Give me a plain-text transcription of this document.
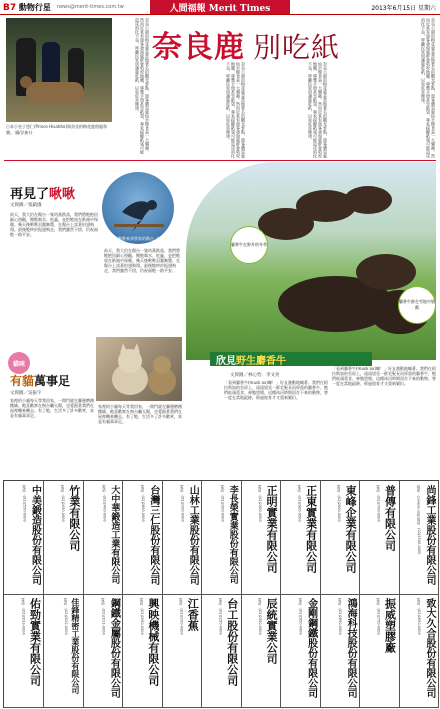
B7 動物行星 news@merit-times.com.tw	人間福報 Merit Times	2013年6月15日 星期六
日本小皇子悠仁(Prince Hisahito)與奈良的梅花鹿相處和樂。 圖/法新社
奈良鹿 別吃紙
奈良公園的梅花鹿是當地著名的觀光景點，遊客購買鹿仙貝餵食是一大樂趣。然而近來有遊客發現鹿群會啃咬地圖、導覽手冊甚至紙袋，專家提醒紙張可能造成消化不良，呼籲民眾別讓鹿吃紙，以免危害健康。	奈良公園的梅花鹿是當地著名的觀光景點，遊客購買鹿仙貝餵食是一大樂趣。然而近來有遊客發現鹿群會啃咬地圖、導覽手冊甚至紙袋，專家提醒紙張可能造成消化不良，呼籲民眾別讓鹿吃紙，以免危害健康。	奈良公園的梅花鹿是當地著名的觀光景點，遊客購買鹿仙貝餵食是一大樂趣。然而近來有遊客發現鹿群會啃咬地圖、導覽手冊甚至紙袋，專家提醒紙張可能造成消化不良，呼籲民眾別讓鹿吃紙，以免危害健康。	奈良公園的梅花鹿是當地著名的觀光景點，遊客購買鹿仙貝餵食是一大樂趣。然而近來有遊客發現鹿群會啃咬地圖、導覽手冊甚至紙袋，專家提醒紙張可能造成消化不良，呼籲民眾別讓鹿吃紙，以免危害健康。
再見了啾啾
文與圖／張凱儀
啾啾來到我家的陽台（撿起）
前天，我大伯在陽台一隻幼燕跌落，我們將牠抱回細心照顧，餵牠喝水、吃蟲，並把牠放在紙箱中保暖。幾天後啾啾羽翼漸豐，在陽台上試著拍翅飛翔。最後牠終於振翅飛走，我們雖然不捨，仍祝福牠一路平安。
前天，我大伯在陽台一隻幼燕跌落，我們將牠抱回細心照顧，餵牠喝水、吃蟲，並把牠放在紙箱中保暖。幾天後啾啾羽翼漸豐，在陽台上試著拍翅飛翔。最後牠終於振翅飛走，我們雖然不捨，仍祝福牠一路平安。
麝香牛在野外的冬季
麝香牛群在雪地中嬉戲
欣見 野生麝香牛
文與圖／林心怡．李文亮
「看到麝香牛(musk ox)囉！」好友激動地喊著。我們在阿拉斯加的苔原上，遠遠望見一群毛髮長而厚重的麝香牛，牠們低頭覓食、神態悠閒。這種冰河時期留存下來的動物，曾一度在當地絕跡，經過復育才又重新繁衍。
「看到麝香牛(musk ox)囉！」好友激動地喊著。我們在阿拉斯加的苔原上，遠遠望見一群毛髮長而厚重的麝香牛，牠們低頭覓食、神態悠閒。這種冰河時期留存下來的動物，曾一度在當地絕跡，經過復育才又重新繁衍。
貓咪
有貓萬事足
文與圖／吳振宇
家裡的小貓每天等我回家，一開門就在腳邊磨蹭撒嬌。牠喜歡窩在窗台曬太陽，也愛跟著我們在屋裡轉來轉去。有了牠，生活多了許多歡笑，真是有貓萬事足。
家裡的小貓每天等我回家，一開門就在腳邊磨蹭撒嬌。牠喜歡窩在窗台曬太陽，也愛跟著我們在屋裡轉來轉去。有了牠，生活多了許多歡笑，真是有貓萬事足。
尚鋒工業股份有限公司
地址：台北市中山區 電話：(02)2500-0000
普傳有限公司
電話：(02)2700-0000
東峰企業有限公司
電話：(02)2600-0000
正東實業有限公司
電話：(02)2900-0000
正明實業有限公司
電話：(02)2300-0000
李長榮實業股份有限公司
電話：(02)2200-0000
山林工業股份有限公司
電話：(02)2100-0000
台灣三仁股份有限公司
電話：(02)2800-0000
大中華鍛造工業有限公司
電話：(02)2400-0000
竹業有限公司
電話：(02)2450-0000
中美鍛造股份有限公司
電話：(02)2550-0000
致大久合股份有限公司
電話：(02)2650-0000
振威塑膠廠
電話：(02)2750-0000
鴻海科技股份有限公司
電話：(02)2850-0000
金剛鋼鐵股份有限公司
電話：(02)2950-0000
辰統實業公司
電話：(02)2350-0000
台工股份有限公司
電話：(02)2250-0000
江香蕉
電話：(02)2150-0000
興映機械有限公司
電話：(02)2050-0000
鋼鐵金屬股份有限公司
電話：(02)2011-0000
佳鋒精密工業股份有限公司
電話：(02)2022-0000
佑勁實業有限公司
電話：(02)2033-0000
